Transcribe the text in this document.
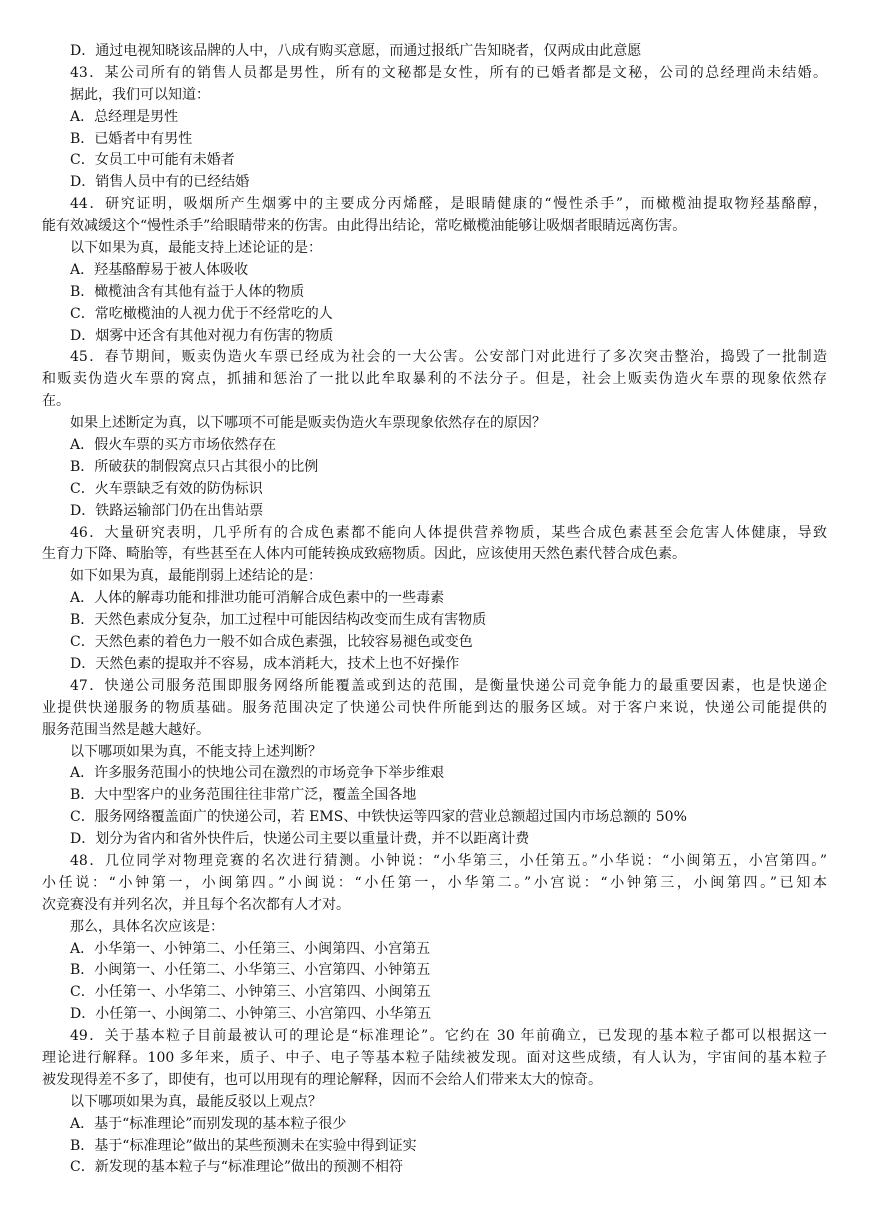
D．通过电视知晓该品牌的人中，八成有购买意愿，而通过报纸广告知晓者，仅两成由此意愿
43．某公司所有的销售人员都是男性，所有的文秘都是女性，所有的已婚者都是文秘，公司的总经理尚未结婚。
据此，我们可以知道：
A．总经理是男性
B．已婚者中有男性
C．女员工中可能有未婚者
D．销售人员中有的已经结婚
44．研究证明，吸烟所产生烟雾中的主要成分丙烯醛，是眼睛健康的“慢性杀手”，而橄榄油提取物羟基酪醇，
能有效减缓这个“慢性杀手”给眼睛带来的伤害。由此得出结论，常吃橄榄油能够让吸烟者眼睛远离伤害。
以下如果为真，最能支持上述论证的是：
A．羟基酪醇易于被人体吸收
B．橄榄油含有其他有益于人体的物质
C．常吃橄榄油的人视力优于不经常吃的人
D．烟雾中还含有其他对视力有伤害的物质
45．春节期间，贩卖伪造火车票已经成为社会的一大公害。公安部门对此进行了多次突击整治，捣毁了一批制造
和贩卖伪造火车票的窝点，抓捕和惩治了一批以此牟取暴利的不法分子。但是，社会上贩卖伪造火车票的现象依然存
在。
如果上述断定为真，以下哪项不可能是贩卖伪造火车票现象依然存在的原因？
A．假火车票的买方市场依然存在
B．所破获的制假窝点只占其很小的比例
C．火车票缺乏有效的防伪标识
D．铁路运输部门仍在出售站票
46．大量研究表明，几乎所有的合成色素都不能向人体提供营养物质，某些合成色素甚至会危害人体健康，导致
生育力下降、畸胎等，有些甚至在人体内可能转换成致癌物质。因此，应该使用天然色素代替合成色素。
如下如果为真，最能削弱上述结论的是：
A．人体的解毒功能和排泄功能可消解合成色素中的一些毒素
B．天然色素成分复杂，加工过程中可能因结构改变而生成有害物质
C．天然色素的着色力一般不如合成色素强，比较容易褪色或变色
D．天然色素的提取并不容易，成本消耗大，技术上也不好操作
47．快递公司服务范围即服务网络所能覆盖或到达的范围，是衡量快递公司竞争能力的最重要因素，也是快递企
业提供快递服务的物质基础。服务范围决定了快递公司快件所能到达的服务区域。对于客户来说，快递公司能提供的
服务范围当然是越大越好。
以下哪项如果为真，不能支持上述判断？
A．许多服务范围小的快地公司在激烈的市场竞争下举步维艰
B．大中型客户的业务范围往往非常广泛，覆盖全国各地
C．服务网络覆盖面广的快递公司，若 EMS、中铁快运等四家的营业总额超过国内市场总额的 50%
D．划分为省内和省外快件后，快递公司主要以重量计费，并不以距离计费
48．几位同学对物理竞赛的名次进行猜测。小钟说：“小华第三，小任第五。”小华说：“小闽第五，小宫第四。”
小任说：“小钟第一，小闽第四。”小闽说：“小任第一，小华第二。”小宫说：“小钟第三，小闽第四。”已知本
次竞赛没有并列名次，并且每个名次都有人才对。
那么，具体名次应该是：
A．小华第一、小钟第二、小任第三、小闽第四、小宫第五
B．小闽第一、小任第二、小华第三、小宫第四、小钟第五
C．小任第一、小华第二、小钟第三、小宫第四、小闽第五
D．小任第一、小闽第二、小钟第三、小宫第四、小华第五
49．关于基本粒子目前最被认可的理论是“标准理论”。它约在 30 年前确立，已发现的基本粒子都可以根据这一
理论进行解释。100 多年来，质子、中子、电子等基本粒子陆续被发现。面对这些成绩，有人认为，宇宙间的基本粒子
被发现得差不多了，即使有，也可以用现有的理论解释，因而不会给人们带来太大的惊奇。
以下哪项如果为真，最能反驳以上观点？
A．基于“标准理论”而别发现的基本粒子很少
B．基于“标准理论”做出的某些预测未在实验中得到证实
C．新发现的基本粒子与“标准理论”做出的预测不相符
